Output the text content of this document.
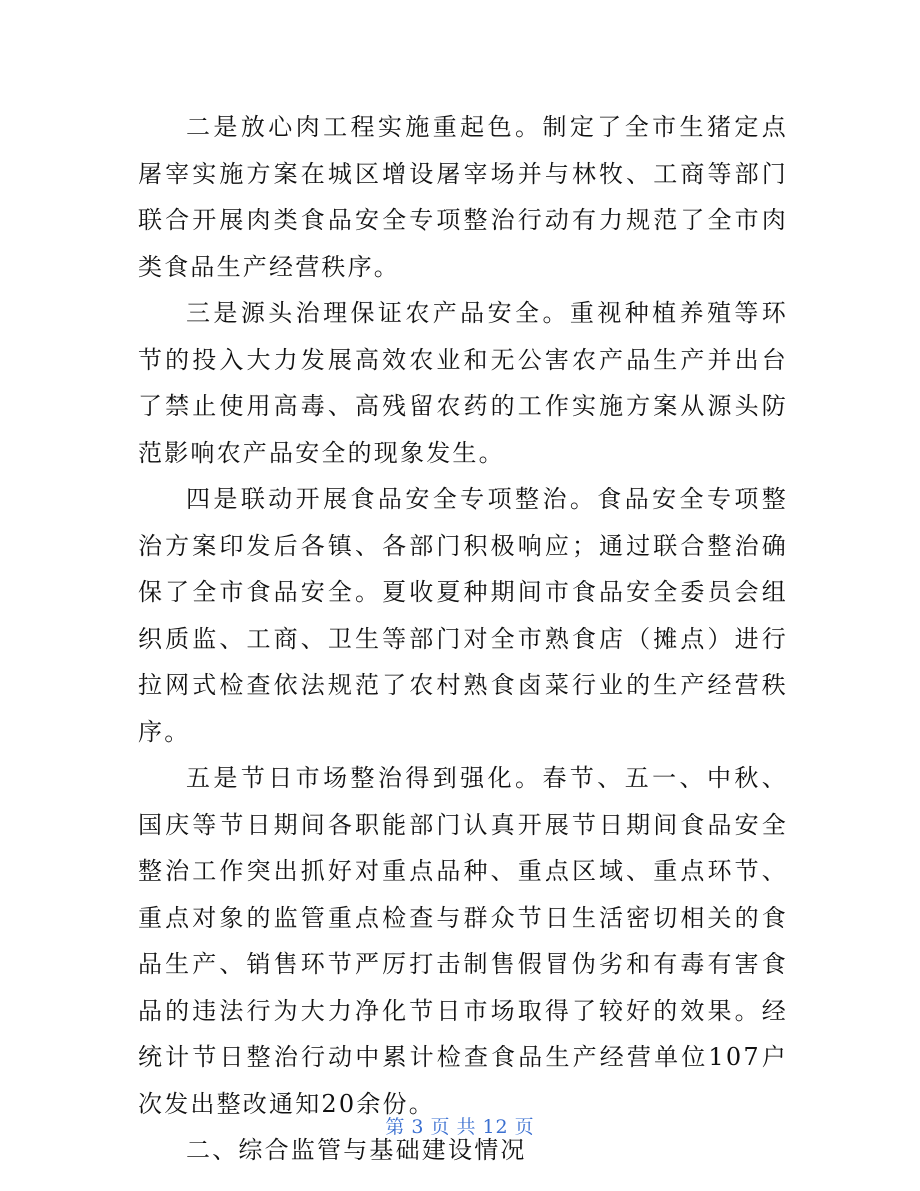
二是放心肉工程实施重起色。制定了全市生猪定点屠宰实施方案在城区增设屠宰场并与林牧、工商等部门联合开展肉类食品安全专项整治行动有力规范了全市肉类食品生产经营秩序。

三是源头治理保证农产品安全。重视种植养殖等环节的投入大力发展高效农业和无公害农产品生产并出台了禁止使用高毒、高残留农药的工作实施方案从源头防范影响农产品安全的现象发生。

四是联动开展食品安全专项整治。食品安全专项整治方案印发后各镇、各部门积极响应；通过联合整治确保了全市食品安全。夏收夏种期间市食品安全委员会组织质监、工商、卫生等部门对全市熟食店（摊点）进行拉网式检查依法规范了农村熟食卤菜行业的生产经营秩序。

五是节日市场整治得到强化。春节、五一、中秋、国庆等节日期间各职能部门认真开展节日期间食品安全整治工作突出抓好对重点品种、重点区域、重点环节、重点对象的监管重点检查与群众节日生活密切相关的食品生产、销售环节严厉打击制售假冒伪劣和有毒有害食品的违法行为大力净化节日市场取得了较好的效果。经统计节日整治行动中累计检查食品生产经营单位107户次发出整改通知20余份。

二、综合监管与基础建设情况

第 3 页 共 12 页
